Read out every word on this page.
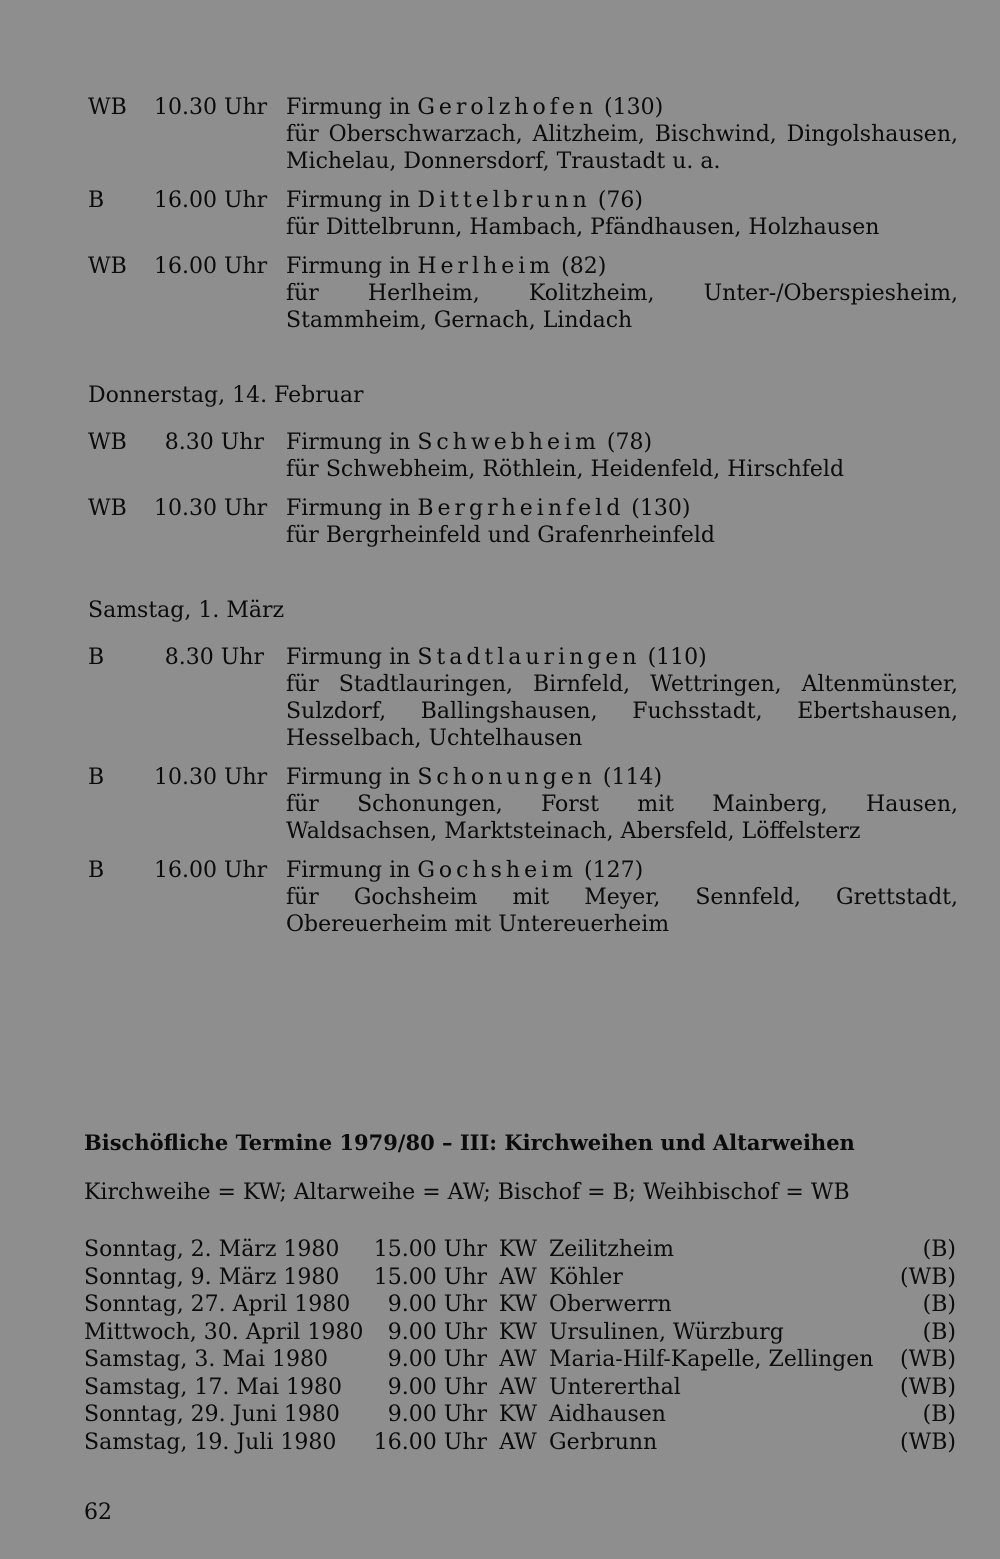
WB	10.30 Uhr Firmung in Gerolzhofen (130)
für Oberschwarzach, Alitzheim, Bischwind, Dingolshausen, Michelau, Donnersdorf, Traustadt u. a.
B	16.00 Uhr Firmung in Dittelbrunn (76)
für Dittelbrunn, Hambach, Pfändhausen, Holzhausen
WB	16.00 Uhr Firmung in Herlheim (82)
für Herlheim, Kolitzheim, Unter-/Oberspiesheim, Stammheim, Gernach, Lindach
Donnerstag, 14. Februar
WB	8.30 Uhr Firmung in Schwebheim (78)
für Schwebheim, Röthlein, Heidenfeld, Hirschfeld
WB	10.30 Uhr Firmung in Bergrheinfeld (130)
für Bergrheinfeld und Grafenrheinfeld
Samstag, 1. März
B	8.30 Uhr Firmung in Stadtlauringen (110)
für Stadtlauringen, Birnfeld, Wettringen, Altenmünster, Sulzdorf, Ballingshausen, Fuchsstadt, Ebertshausen, Hesselbach, Uchtelhausen
B	10.30 Uhr Firmung in Schonungen (114)
für Schonungen, Forst mit Mainberg, Hausen, Waldsachsen, Marktsteinach, Abersfeld, Löffelsterz
B	16.00 Uhr Firmung in Gochsheim (127)
für Gochsheim mit Meyer, Sennfeld, Grettstadt, Obereuerheim mit Untereuerheim
Bischöfliche Termine 1979/80 – III: Kirchweihen und Altarweihen
Kirchweihe = KW; Altarweihe = AW; Bischof = B; Weihbischof = WB
Sonntag, 2. März 1980	15.00 Uhr	KW	Zeilitzheim	(B)
Sonntag, 9. März 1980	15.00 Uhr	AW	Köhler	(WB)
Sonntag, 27. April 1980	9.00 Uhr	KW	Oberwerrn	(B)
Mittwoch, 30. April 1980	9.00 Uhr	KW	Ursulinen, Würzburg	(B)
Samstag, 3. Mai 1980	9.00 Uhr	AW	Maria-Hilf-Kapelle, Zellingen	(WB)
Samstag, 17. Mai 1980	9.00 Uhr	AW	Untererthal	(WB)
Sonntag, 29. Juni 1980	9.00 Uhr	KW	Aidhausen	(B)
Samstag, 19. Juli 1980	16.00 Uhr	AW	Gerbrunn	(WB)
62
